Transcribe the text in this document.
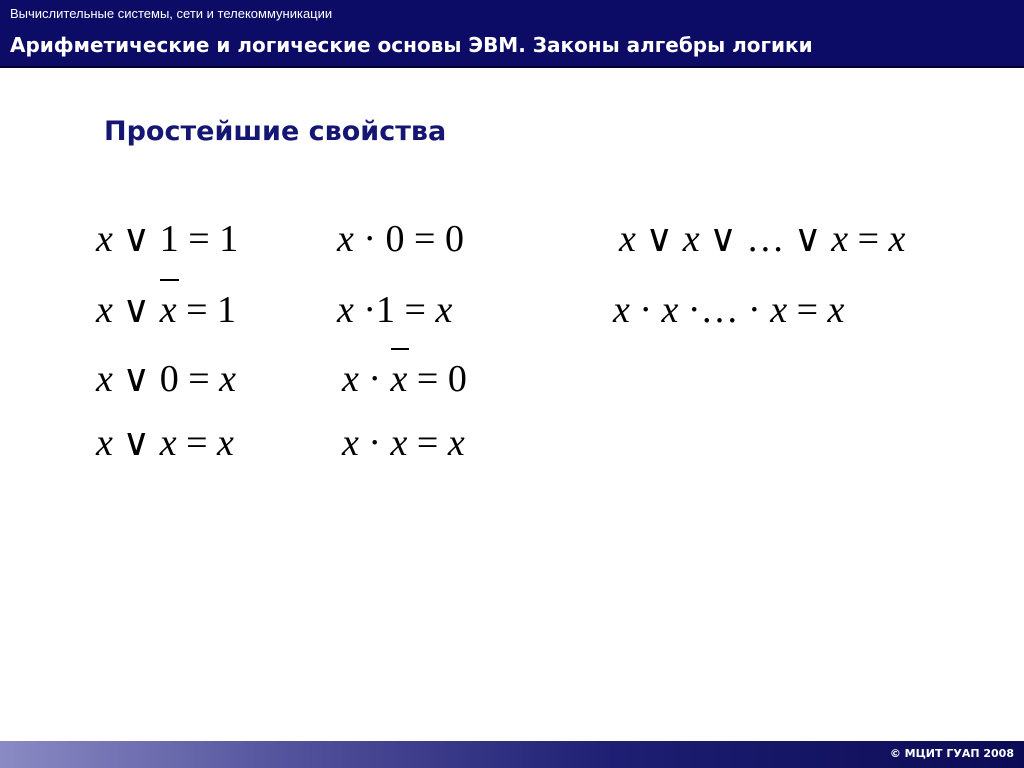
Вычислительные системы, сети и телекоммуникации
Арифметические и логические основы ЭВМ. Законы алгебры логики
Простейшие свойства
x ∨ 1 = 1	x · 0 = 0	x ∨ x ∨ … ∨ x = x
x ∨ x = 1	x ·1 = x	x · x ·… · x = x
x ∨ 0 = x	x · x = 0
x ∨ x = x	x · x = x
© МЦИТ ГУАП 2008
